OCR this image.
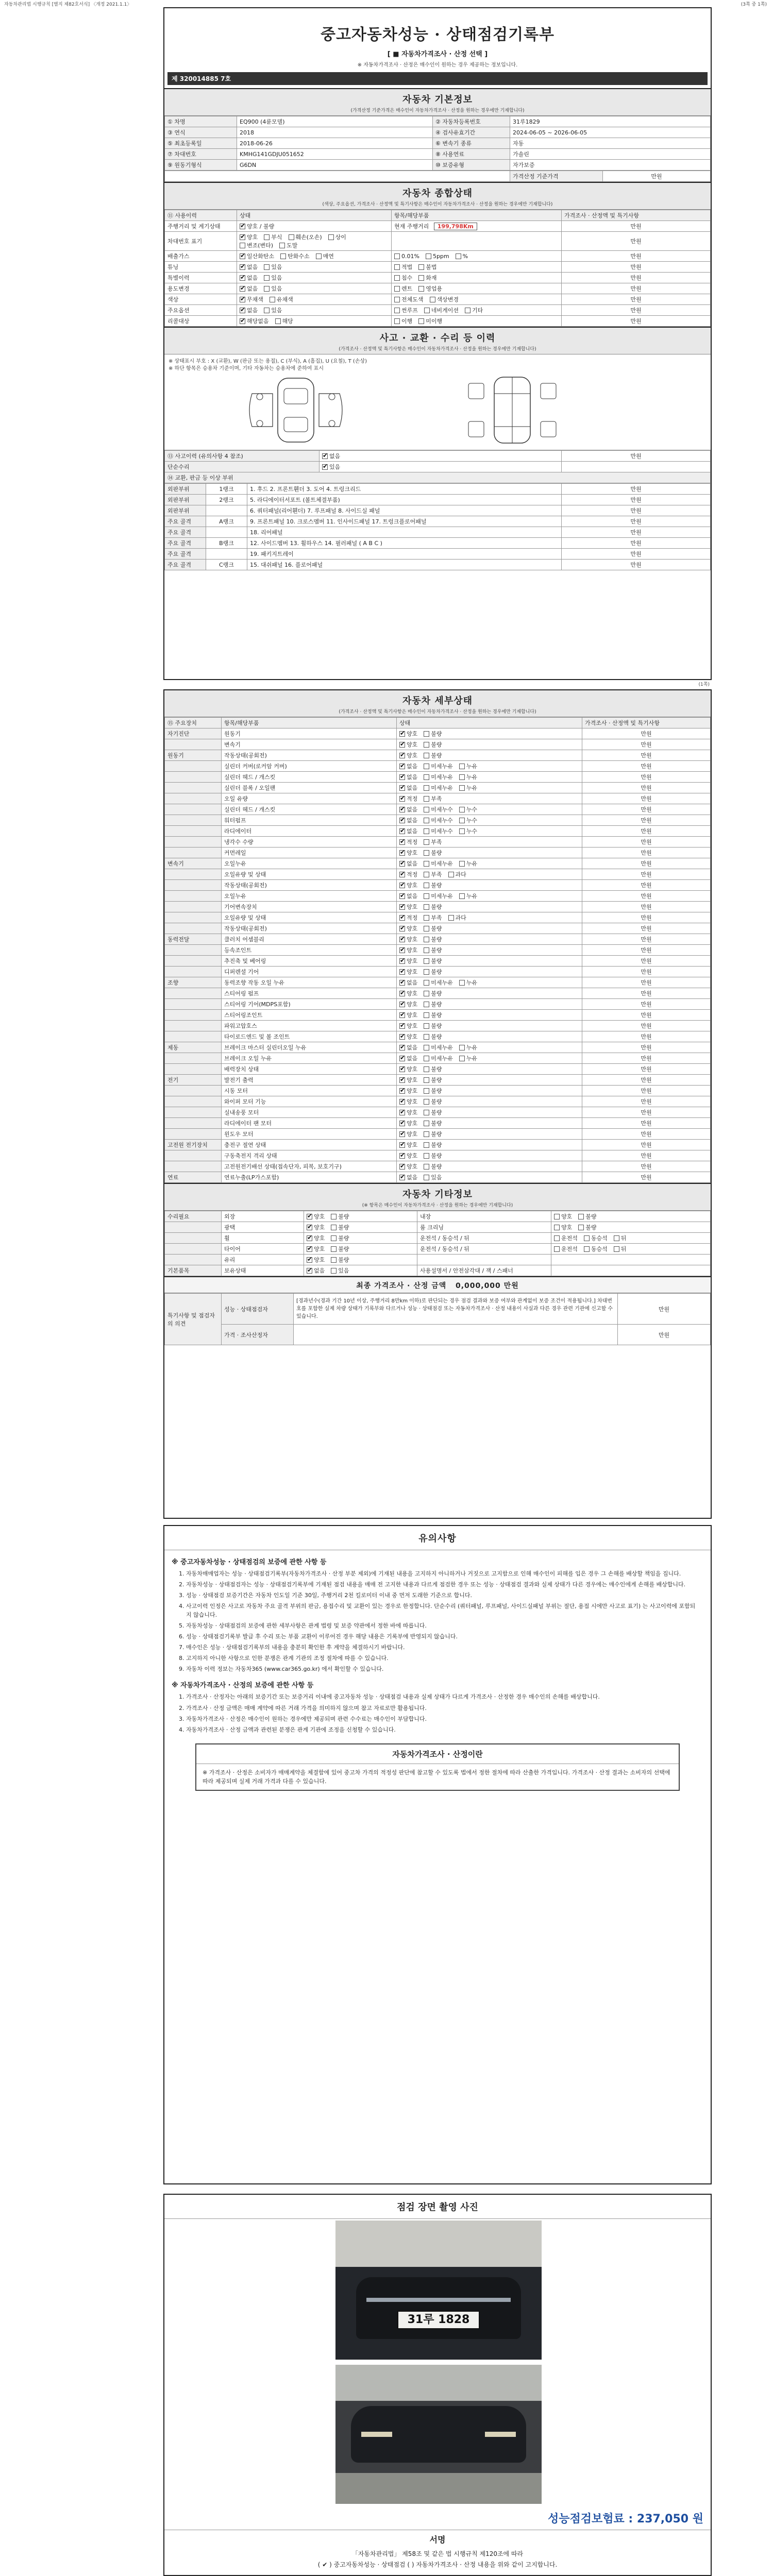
자동차관리법 시행규칙 [별지 제82호서식] 〈개정 2021.1.1〉	(3쪽 중 1쪽)
중고자동차성능 · 상태점검기록부
[ ■ 자동차가격조사 · 산정 선택 ]
※ 자동차가격조사 · 산정은 매수인이 원하는 경우 제공하는 정보입니다.
제 320014885 7호
자동차 기본정보

(가격산정 기준가격은 매수인이 자동차가격조사 · 산정을 원하는 경우에만 기재합니다)

① 차명	EQ900 (4륜모델)	② 자동차등록번호	31루1829
③ 연식	2018	④ 검사유효기간	2024-06-05 ~ 2026-06-05
⑤ 최초등록일	2018-06-26	⑥ 변속기 종류	자동
⑦ 차대번호	KMHG141GDJU051652	⑧ 사용연료	가솔린
⑨ 원동기형식	G6DN	⑩ 보증유형	자가보증
	가격산정 기준가격	만원
자동차 종합상태

(색상, 주요옵션, 가격조사 · 산정액 및 특기사항은 매수인이 자동차가격조사 · 산정을 원하는 경우에만 기재합니다)

⑪ 사용이력	상태	항목/해당부품	가격조사 · 산정액 및 특기사항
주행거리 및 계기상태	✔양호 / 불량	현재 주행거리 199,798Km	만원
차대번호 표기	✔양호 부식 훼손(오손) 상이변조(변타) 도말		만원
배출가스	✔일산화탄소 탄화수소 매연	0.01% 5ppm %	만원
튜닝	✔없음 있음	적법 불법	만원
특별이력	✔없음 있음	침수 화재	만원
용도변경	✔없음 있음	렌트 영업용	만원
색상	✔무채색 유채색	전체도색 색상변경	만원
주요옵션	✔없음 있음	썬루프 네비게이션 기타	만원
리콜대상	✔해당없음 해당	이행 미이행	만원
사고 · 교환 · 수리 등 이력

(가격조사 · 산정액 및 특기사항은 매수인이 자동차가격조사 · 산정을 원하는 경우에만 기재합니다)

※ 상태표시 부호 : X (교환), W (판금 또는 용접), C (부식), A (흠집), U (요철), T (손상)
※ 하단 항목은 승용차 기준이며, 기타 자동차는 승용차에 준하여 표시
⑬ 사고이력 (유의사항 4 참조)	✔없음	만원
단순수리	✔있음	
⑭ 교환, 판금 등 이상 부위		
외판부위	1랭크	1. 후드 2. 프론트휀더 3. 도어 4. 트렁크리드	만원
외판부위	2랭크	5. 라디에이터서포트 (볼트체결부품)	만원
외판부위		6. 쿼터패널(리어휀더) 7. 루프패널 8. 사이드실 패널	만원
주요 골격	A랭크	9. 프론트패널 10. 크로스멤버 11. 인사이드패널 17. 트렁크플로어패널	만원
주요 골격		18. 리어패널	만원
주요 골격	B랭크	12. 사이드멤버 13. 휠하우스 14. 필러패널 ( A B C )	만원
주요 골격		19. 패키지트레이	만원
주요 골격	C랭크	15. 대쉬패널 16. 플로어패널	만원
(1쪽)
자동차 세부상태

(가격조사 · 산정액 및 특기사항은 매수인이 자동차가격조사 · 산정을 원하는 경우에만 기재합니다)

⑮ 주요장치	항목/해당부품	상태	가격조사 · 산정액 및 특기사항
자기진단	원동기	✔양호 불량	만원
	변속기	✔양호 불량	만원
원동기	작동상태(공회전)	✔양호 불량	만원
	실린더 커버(로커암 커버)	✔없음 미세누유 누유	만원
	실린더 헤드 / 개스킷	✔없음 미세누유 누유	만원
	실린더 블록 / 오일팬	✔없음 미세누유 누유	만원
	오일 유량	✔적정 부족	만원
	실린더 헤드 / 개스킷	✔없음 미세누수 누수	만원
	워터펌프	✔없음 미세누수 누수	만원
	라디에이터	✔없음 미세누수 누수	만원
	냉각수 수량	✔적정 부족	만원
	커먼레일	✔양호 불량	만원
변속기	오일누유	✔없음 미세누유 누유	만원
	오일유량 및 상태	✔적정 부족 과다	만원
	작동상태(공회전)	✔양호 불량	만원
	오일누유	✔없음 미세누유 누유	만원
	기어변속장치	✔양호 불량	만원
	오일유량 및 상태	✔적정 부족 과다	만원
	작동상태(공회전)	✔양호 불량	만원
동력전달	클러치 어셈블리	✔양호 불량	만원
	등속조인트	✔양호 불량	만원
	추진축 및 베어링	✔양호 불량	만원
	디퍼렌셜 기어	✔양호 불량	만원
조향	동력조향 작동 오일 누유	✔없음 미세누유 누유	만원
	스티어링 펌프	✔양호 불량	만원
	스티어링 기어(MDPS포함)	✔양호 불량	만원
	스티어링조인트	✔양호 불량	만원
	파워고압호스	✔양호 불량	만원
	타이로드엔드 및 볼 조인트	✔양호 불량	만원
제동	브레이크 마스터 실린더오일 누유	✔없음 미세누유 누유	만원
	브레이크 오일 누유	✔없음 미세누유 누유	만원
	배력장치 상태	✔양호 불량	만원
전기	발전기 출력	✔양호 불량	만원
	시동 모터	✔양호 불량	만원
	와이퍼 모터 기능	✔양호 불량	만원
	실내송풍 모터	✔양호 불량	만원
	라디에이터 팬 모터	✔양호 불량	만원
	윈도우 모터	✔양호 불량	만원
고전원 전기장치	충전구 절연 상태	✔양호 불량	만원
	구동축전지 격리 상태	✔양호 불량	만원
	고전원전기배선 상태(접속단자, 피복, 보호기구)	✔양호 불량	만원
연료	연료누출(LP가스포함)	✔없음 있음	만원
자동차 기타정보

(※ 항목은 매수인이 자동차가격조사 · 산정을 원하는 경우에만 기재합니다)

수리필요	외장	✔양호 불량	내장	양호 불량
	광택	✔양호 불량	룸 크리닝	양호 불량
	휠	✔양호 불량	운전석 / 동승석 / 뒤	운전석 동승석 뒤
	타이어	✔양호 불량	운전석 / 동승석 / 뒤	운전석 동승석 뒤
	유리	✔양호 불량		
기본품목	보유상태	✔없음 있음	사용설명서 / 안전삼각대 / 잭 / 스패너	
최종 가격조사 · 산정 금액 0,000,000 만원
특기사항 및 점검자의 의견	성능 · 상태점검자	[경과년수(경과 기간 10년 이상, 주행거리 8만km 이하)로 판단되는 경우 점검 결과와 보증 여부와 관계없이 보증 조건이 적용됩니다.] 차대번호를 포함한 실제 차량 상태가 기록부와 다르거나 성능 · 상태점검 또는 자동차가격조사 · 산정 내용이 사실과 다른 경우 관련 기관에 신고할 수 있습니다.	만원
	가격 · 조사산정자		만원
유의사항
※ 중고자동차성능 · 상태점검의 보증에 관한 사항 등
1. 자동차매매업자는 성능 · 상태점검기록부(자동차가격조사 · 산정 부분 제외)에 기재된 내용을 고지하지 아니하거나 거짓으로 고지함으로 인해 매수인이 피해를 입은 경우 그 손해를 배상할 책임을 집니다.
2. 자동차성능 · 상태점검자는 성능 · 상태점검기록부에 기재된 점검 내용을 매매 전 고지한 내용과 다르게 점검한 경우 또는 성능 · 상태점검 결과와 실제 상태가 다른 경우에는 매수인에게 손해를 배상합니다.
3. 성능 · 상태점검 보증기간은 자동차 인도일 기준 30일, 주행거리 2천 킬로미터 이내 중 먼저 도래한 기준으로 합니다.
4. 사고이력 인정은 사고로 자동차 주요 골격 부위의 판금, 용접수리 및 교환이 있는 경우로 한정합니다. 단순수리 (쿼터패널, 루프패널, 사이드실패널 부위는 절단, 용접 시에만 사고로 표기) 는 사고이력에 포함되지 않습니다.
5. 자동차성능 · 상태점검의 보증에 관한 세부사항은 관계 법령 및 보증 약관에서 정한 바에 따릅니다.
6. 성능 · 상태점검기록부 발급 후 수리 또는 부품 교환이 이루어진 경우 해당 내용은 기록부에 반영되지 않습니다.
7. 매수인은 성능 · 상태점검기록부의 내용을 충분히 확인한 후 계약을 체결하시기 바랍니다.
8. 고지하지 아니한 사항으로 인한 분쟁은 관계 기관의 조정 절차에 따를 수 있습니다.
9. 자동차 이력 정보는 자동차365 (www.car365.go.kr) 에서 확인할 수 있습니다.
※ 자동차가격조사 · 산정의 보증에 관한 사항 등
1. 가격조사 · 산정자는 아래의 보증기간 또는 보증거리 이내에 중고자동차 성능 · 상태점검 내용과 실제 상태가 다르게 가격조사 · 산정한 경우 매수인의 손해를 배상합니다.
2. 가격조사 · 산정 금액은 매매 계약에 따른 거래 가격을 의미하지 않으며 참고 자료로만 활용됩니다.
3. 자동차가격조사 · 산정은 매수인이 원하는 경우에만 제공되며 관련 수수료는 매수인이 부담합니다.
4. 자동차가격조사 · 산정 금액과 관련된 분쟁은 관계 기관에 조정을 신청할 수 있습니다.
자동차가격조사 · 산정이란
※ 가격조사 · 산정은 소비자가 매매계약을 체결함에 있어 중고차 가격의 적정성 판단에 참고할 수 있도록 법에서 정한 절차에 따라 산출한 가격입니다. 가격조사 · 산정 결과는 소비자의 선택에 따라 제공되며 실제 거래 가격과 다를 수 있습니다.
점검 장면 촬영 사진
31루 1828
성능점검보험료 : 237,050 원
서명
「자동차관리법」 제58조 및 같은 법 시행규칙 제120조에 따라
( ✔ ) 중고자동차성능 · 상태점검 ( ) 자동차가격조사 · 산정 내용을 위와 같이 고지합니다.
